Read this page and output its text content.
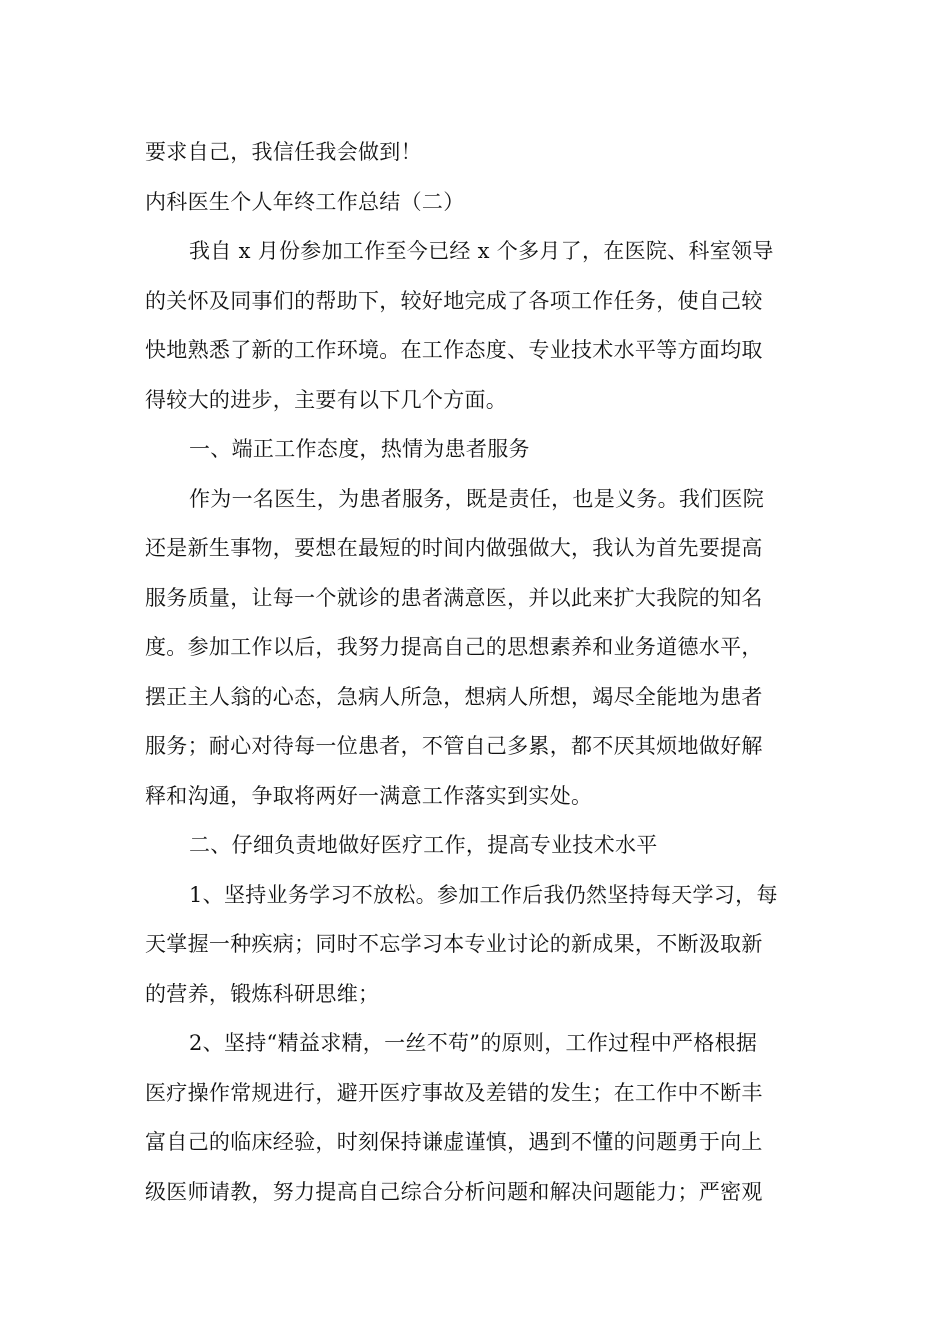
要求自己，我信任我会做到！
内科医生个人年终工作总结（二）
我自 x 月份参加工作至今已经 x 个多月了，在医院、科室领导
的关怀及同事们的帮助下，较好地完成了各项工作任务，使自己较
快地熟悉了新的工作环境。在工作态度、专业技术水平等方面均取
得较大的进步，主要有以下几个方面。
一、端正工作态度，热情为患者服务
作为一名医生，为患者服务，既是责任，也是义务。我们医院
还是新生事物，要想在最短的时间内做强做大，我认为首先要提高
服务质量，让每一个就诊的患者满意医，并以此来扩大我院的知名
度。参加工作以后，我努力提高自己的思想素养和业务道德水平，
摆正主人翁的心态，急病人所急，想病人所想，竭尽全能地为患者
服务；耐心对待每一位患者，不管自己多累，都不厌其烦地做好解
释和沟通，争取将两好一满意工作落实到实处。
二、仔细负责地做好医疗工作，提高专业技术水平
1、坚持业务学习不放松。参加工作后我仍然坚持每天学习，每
天掌握一种疾病；同时不忘学习本专业讨论的新成果，不断汲取新
的营养，锻炼科研思维；
2、坚持“精益求精，一丝不苟”的原则，工作过程中严格根据
医疗操作常规进行，避开医疗事故及差错的发生；在工作中不断丰
富自己的临床经验，时刻保持谦虚谨慎，遇到不懂的问题勇于向上
级医师请教，努力提高自己综合分析问题和解决问题能力；严密观
